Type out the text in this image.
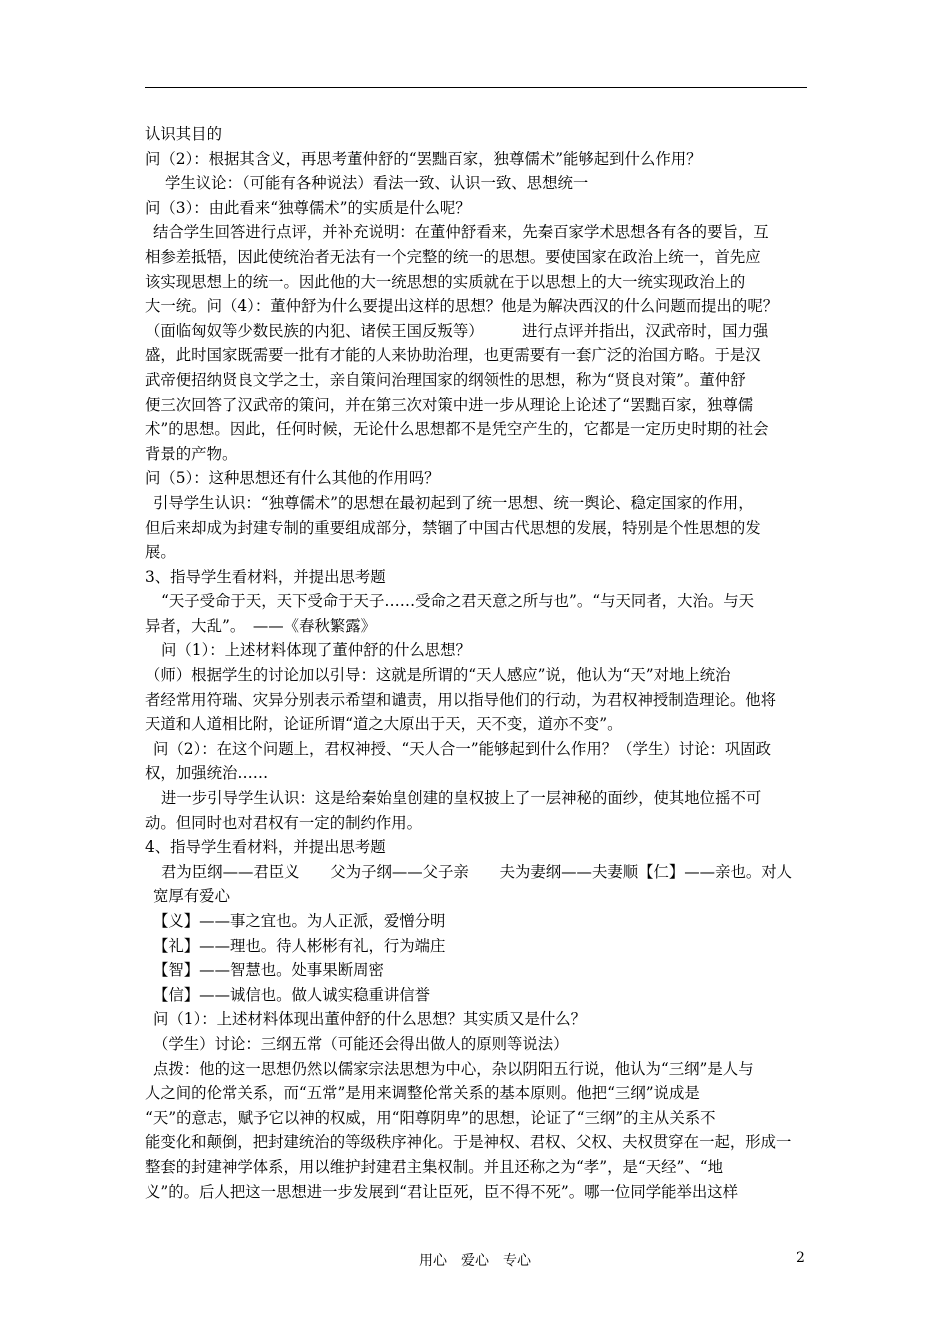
认识其目的
问（2）：根据其含义，再思考董仲舒的“罢黜百家，独尊儒术”能够起到什么作用？
学生议论：（可能有各种说法）看法一致、认识一致、思想统一
问（3）：由此看来“独尊儒术”的实质是什么呢？
结合学生回答进行点评，并补充说明：在董仲舒看来，先秦百家学术思想各有各的要旨，互
相参差抵牾，因此使统治者无法有一个完整的统一的思想。要使国家在政治上统一，首先应
该实现思想上的统一。因此他的大一统思想的实质就在于以思想上的大一统实现政治上的
大一统。问（4）：董仲舒为什么要提出这样的思想？他是为解决西汉的什么问题而提出的呢？
（面临匈奴等少数民族的内犯、诸侯王国反叛等）　　　进行点评并指出，汉武帝时，国力强
盛，此时国家既需要一批有才能的人来协助治理，也更需要有一套广泛的治国方略。于是汉
武帝便招纳贤良文学之士，亲自策问治理国家的纲领性的思想，称为“贤良对策”。董仲舒
便三次回答了汉武帝的策问，并在第三次对策中进一步从理论上论述了“罢黜百家，独尊儒
术”的思想。因此，任何时候，无论什么思想都不是凭空产生的，它都是一定历史时期的社会
背景的产物。
问（5）：这种思想还有什么其他的作用吗？
引导学生认识：“独尊儒术”的思想在最初起到了统一思想、统一舆论、稳定国家的作用，
但后来却成为封建专制的重要组成部分，禁锢了中国古代思想的发展，特别是个性思想的发
展。
3、指导学生看材料，并提出思考题
“天子受命于天，天下受命于天子……受命之君天意之所与也”。“与天同者，大治。与天
异者，大乱”。　——《春秋繁露》
问（1）：上述材料体现了董仲舒的什么思想？
（师）根据学生的讨论加以引导：这就是所谓的“天人感应”说，他认为“天”对地上统治
者经常用符瑞、灾异分别表示希望和谴责，用以指导他们的行动，为君权神授制造理论。他将
天道和人道相比附，论证所谓“道之大原出于天，天不变，道亦不变”。
问（2）：在这个问题上，君权神授、“天人合一”能够起到什么作用？（学生）讨论：巩固政
权，加强统治……
进一步引导学生认识：这是给秦始皇创建的皇权披上了一层神秘的面纱，使其地位摇不可
动。但同时也对君权有一定的制约作用。
4、指导学生看材料，并提出思考题
君为臣纲——君臣义　　父为子纲——父子亲　　夫为妻纲——夫妻顺【仁】——亲也。对人
宽厚有爱心
【义】——事之宜也。为人正派，爱憎分明
【礼】——理也。待人彬彬有礼，行为端庄
【智】——智慧也。处事果断周密
【信】——诚信也。做人诚实稳重讲信誉
问（1）：上述材料体现出董仲舒的什么思想？其实质又是什么？
（学生）讨论：三纲五常（可能还会得出做人的原则等说法）
点拨：他的这一思想仍然以儒家宗法思想为中心，杂以阴阳五行说，他认为“三纲”是人与
人之间的伦常关系，而“五常”是用来调整伦常关系的基本原则。他把“三纲”说成是
“天”的意志，赋予它以神的权威，用“阳尊阴卑”的思想，论证了“三纲”的主从关系不
能变化和颠倒，把封建统治的等级秩序神化。于是神权、君权、父权、夫权贯穿在一起，形成一
整套的封建神学体系，用以维护封建君主集权制。并且还称之为“孝”，是“天经”、“地
义”的。后人把这一思想进一步发展到“君让臣死，臣不得不死”。哪一位同学能举出这样
用心　爱心　专心	2
